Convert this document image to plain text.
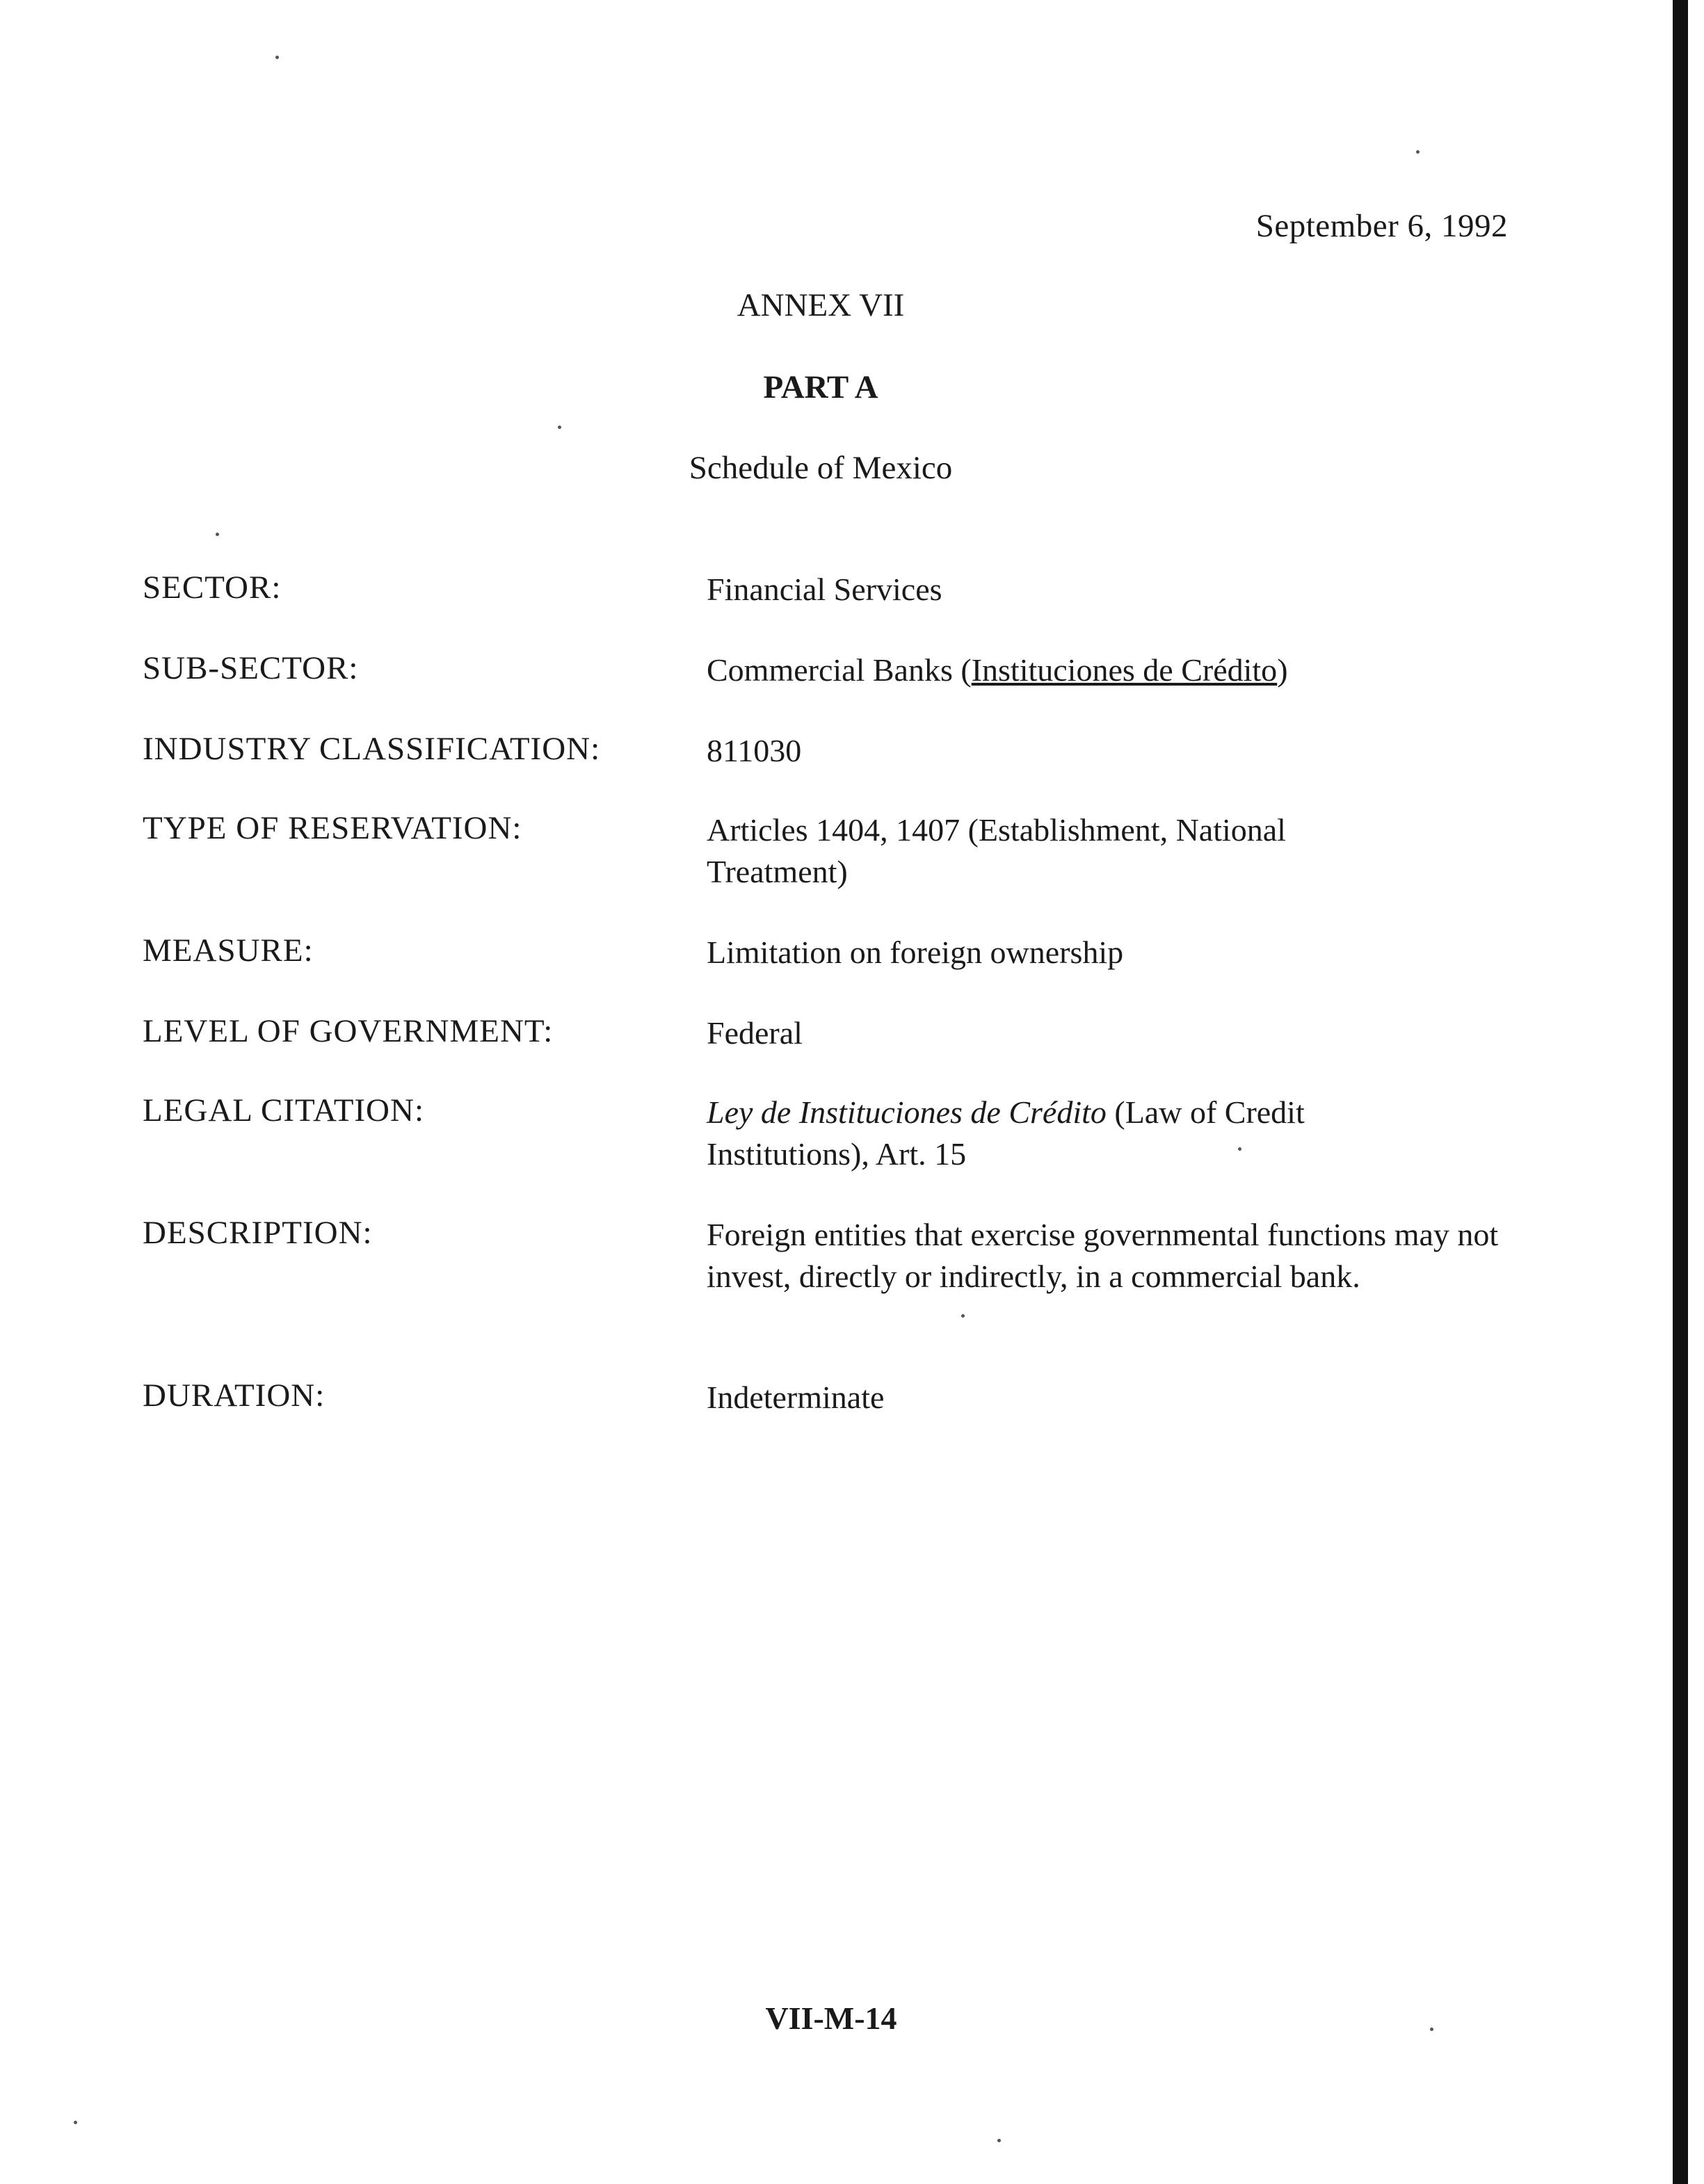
September 6, 1992
ANNEX VII
PART A
Schedule of Mexico
SECTOR:	Financial Services
SUB-SECTOR:	Commercial Banks (Instituciones de Crédito)
INDUSTRY CLASSIFICATION:	811030
TYPE OF RESERVATION:	Articles 1404, 1407 (Establishment, National Treatment)
MEASURE:	Limitation on foreign ownership
LEVEL OF GOVERNMENT:	Federal
LEGAL CITATION:	Ley de Instituciones de Crédito (Law of Credit Institutions), Art. 15
DESCRIPTION:	Foreign entities that exercise governmental functions may not invest, directly or indirectly, in a commercial bank.
DURATION:	Indeterminate
VII-M-14
